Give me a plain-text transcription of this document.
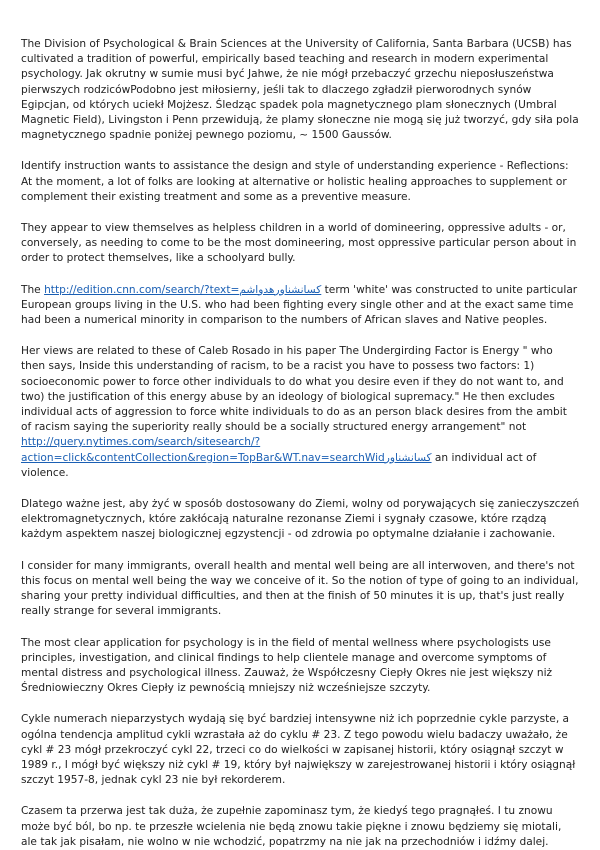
The Division of Psychological & Brain Sciences at the University of California, Santa Barbara (UCSB) has cultivated a tradition of powerful, empirically based teaching and research in modern experimental psychology. Jak okrutny w sumie musi być Jahwe, że nie mógł przebaczyć grzechu nieposłuszeństwa pierwszych rodzicówPodobno jest miłosierny, jeśli tak to dlaczego zgładził pierworodnych synów Egipcjan, od których uciekł Mojżesz. Śledząc spadek pola magnetycznego plam słonecznych (Umbral Magnetic Field), Livingston i Penn przewidują, że plamy słoneczne nie mogą się już tworzyć, gdy siła pola magnetycznego spadnie poniżej pewnego poziomu, ~ 1500 Gaussów.

Identify instruction wants to assistance the design and style of understanding experience - Reflections: At the moment, a lot of folks are looking at alternative or holistic healing approaches to supplement or complement their existing treatment and some as a preventive measure.

They appear to view themselves as helpless children in a world of domineering, oppressive adults - or, conversely, as needing to come to be the most domineering, most oppressive particular person about in order to protect themselves, like a schoolyard bully.

The http://edition.cnn.com/search/?text=کسانشناورهدواشم term 'white' was constructed to unite particular European groups living in the U.S. who had been fighting every single other and at the exact same time had been a numerical minority in comparison to the numbers of African slaves and Native peoples.

Her views are related to these of Caleb Rosado in his paper The Undergirding Factor is Energy " who then says, Inside this understanding of racism, to be a racist you have to possess two factors: 1) socioeconomic power to force other individuals to do what you desire even if they do not want to, and two) the justification of this energy abuse by an ideology of biological supremacy." He then excludes individual acts of aggression to force white individuals to do as an person black desires from the ambit of racism saying the superiority really should be a socially structured energy arrangement" not http://query.nytimes.com/search/sitesearch/?action=click&contentCollection&region=TopBar&WT.nav=searchWidکسانشناور an individual act of violence.

Dlatego ważne jest, aby żyć w sposób dostosowany do Ziemi, wolny od porywających się zanieczyszczeń elektromagnetycznych, które zakłócają naturalne rezonanse Ziemi i sygnały czasowe, które rządzą każdym aspektem naszej biologicznej egzystencji - od zdrowia po optymalne działanie i zachowanie.

I consider for many immigrants, overall health and mental well being are all interwoven, and there's not this focus on mental well being the way we conceive of it. So the notion of type of going to an individual, sharing your pretty individual difficulties, and then at the finish of 50 minutes it is up, that's just really really strange for several immigrants.

The most clear application for psychology is in the field of mental wellness where psychologists use principles, investigation, and clinical findings to help clientele manage and overcome symptoms of mental distress and psychological illness. Zauważ, że Współczesny Ciepły Okres nie jest większy niż Średniowieczny Okres Ciepły iz pewnością mniejszy niż wcześniejsze szczyty.

Cykle numerach nieparzystych wydają się być bardziej intensywne niż ich poprzednie cykle parzyste, a ogólna tendencja amplitud cykli wzrastała aż do cyklu # 23. Z tego powodu wielu badaczy uważało, że cykl # 23 mógł przekroczyć cykl 22, trzeci co do wielkości w zapisanej historii, który osiągnął szczyt w 1989 r., I mógł być większy niż cykl # 19, który był największy w zarejestrowanej historii i który osiągnął szczyt 1957-8, jednak cykl 23 nie był rekorderem.

Czasem ta przerwa jest tak duża, że zupełnie zapominasz tym, że kiedyś tego pragnąłeś. I tu znowu może być ból, bo np. te przeszłe wcielenia nie będą znowu takie piękne i znowu będziemy się miotali, ale tak jak pisałam, nie wolno w nie wchodzić, popatrzmy na nie jak na przechodniów i idźmy dalej.
